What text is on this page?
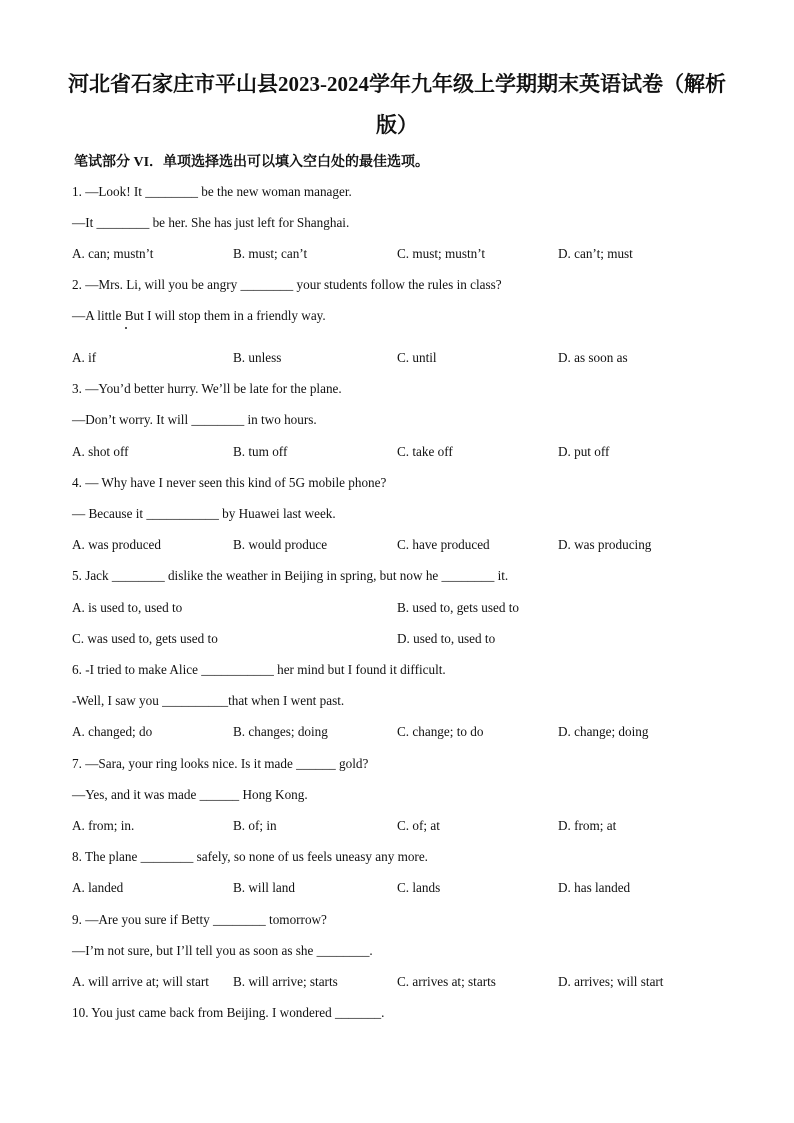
河北省石家庄市平山县2023-2024学年九年级上学期期末英语试卷（解析
版）
笔试部分 VI．单项选择选出可以填入空白处的最佳选项。
1. —Look! It ________ be the new woman manager.
—It ________ be her. She has just left for Shanghai.
A. can; mustn’t	B. must; can’t	C. must; mustn’t	D. can’t; must
2. —Mrs. Li, will you be angry ________ your students follow the rules in class?
—A little But I will stop them in a friendly way.
A. if	B. unless	C. until	D. as soon as
3. —You’d better hurry. We’ll be late for the plane.
—Don’t worry. It will ________ in two hours.
A. shot off	B. tum off	C. take off	D. put off
4. — Why have I never seen this kind of 5G mobile phone?
— Because it ___________ by Huawei last week.
A. was produced	B. would produce	C. have produced	D. was producing
5. Jack ________ dislike the weather in Beijing in spring, but now he ________ it.
A. is used to, used to	B. used to, gets used to
C. was used to, gets used to	D. used to, used to
6. -I tried to make Alice ___________ her mind but I found it difficult.
-Well, I saw you __________that when I went past.
A. changed; do	B. changes; doing	C. change; to do	D. change; doing
7. —Sara, your ring looks nice. Is it made ______ gold?
—Yes, and it was made ______ Hong Kong.
A. from; in.	B. of; in	C. of; at	D. from; at
8. The plane ________ safely, so none of us feels uneasy any more.
A. landed	B. will land	C. lands	D. has landed
9. —Are you sure if Betty ________ tomorrow?
—I’m not sure, but I’ll tell you as soon as she ________.
A. will arrive at; will start B. will arrive; starts	C. arrives at; starts	D. arrives; will start
10. You just came back from Beijing. I wondered _______.
